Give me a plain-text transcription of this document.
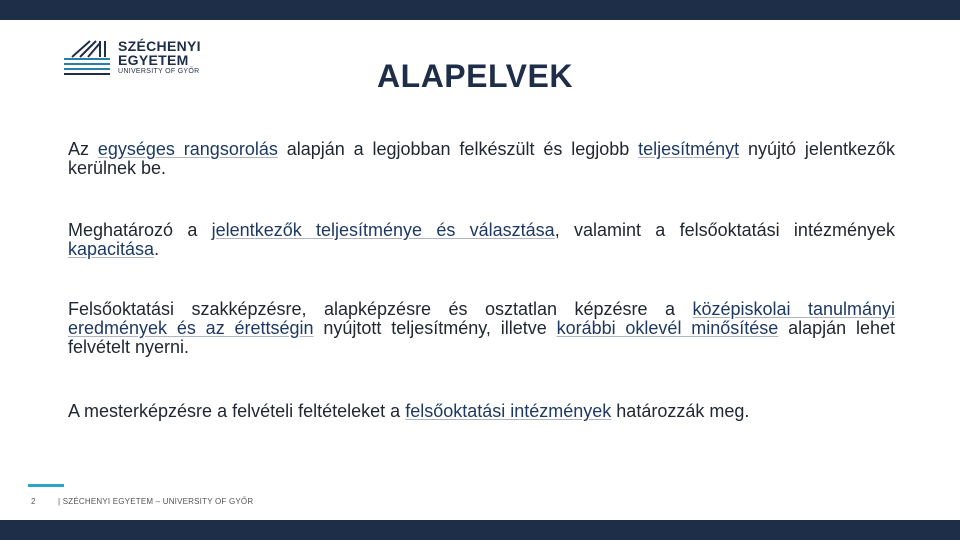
SZÉCHENYI
EGYETEM
UNIVERSITY OF GYŐR	ALAPELVEK
Az egységes rangsorolás alapján a legjobban felkészült és legjobb teljesítményt nyújtó jelentkezők kerülnek be.
Meghatározó a jelentkezők teljesítménye és választása, valamint a felsőoktatási intézmények kapacitása.
Felsőoktatási szakképzésre, alapképzésre és osztatlan képzésre a középiskolai tanulmányi eredmények és az érettségin nyújtott teljesítmény, illetve korábbi oklevél minősítése alapján lehet felvételt nyerni.
A mesterképzésre a felvételi feltételeket a felsőoktatási intézmények határozzák meg.
2	| SZÉCHENYI EGYETEM – UNIVERSITY OF GYŐR
